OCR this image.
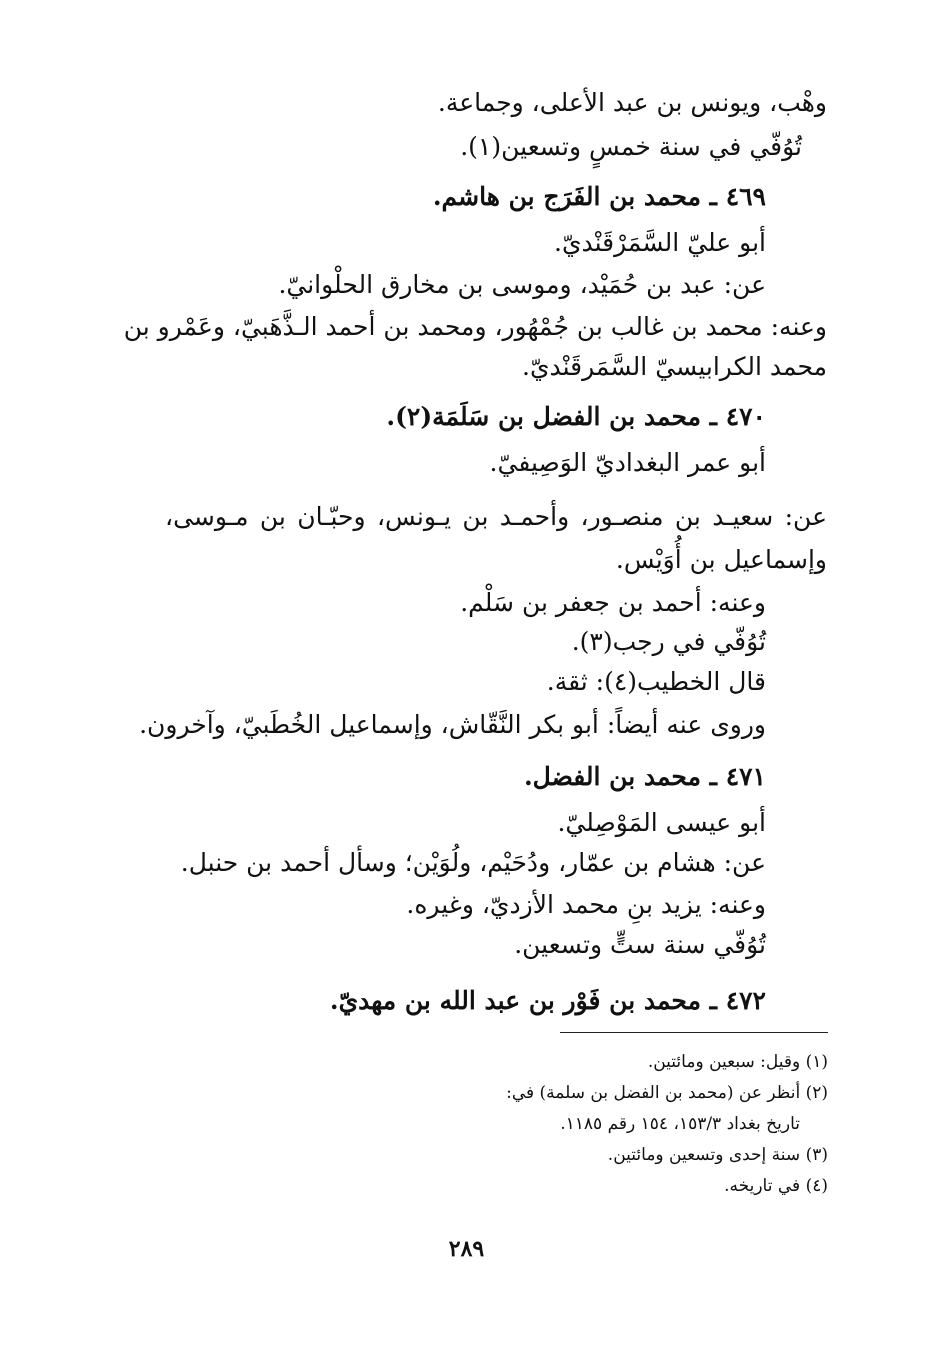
وهْب، ويونس بن عبد الأعلى، وجماعة.
تُوُفّي في سنة خمسٍ وتسعين(١).
٤٦٩ ـ محمد بن الفَرَج بن هاشم.
أبو عليّ السَّمَرْقَنْديّ.
عن: عبد بن حُمَيْد، وموسى بن مخارق الحلْوانيّ.
وعنه: محمد بن غالب بن جُمْهُور، ومحمد بن أحمد الـذَّهَبيّ، وعَمْرو بن
محمد الكرابيسيّ السَّمَرقَنْديّ.
٤٧٠ ـ محمد بن الفضل بن سَلَمَة(٢).
أبو عمر البغداديّ الوَصِيفيّ.
عن: سعيـد بن منصـور، وأحمـد بن يـونس، وحبّـان بن مـوسى،
وإسماعيل بن أُوَيْس.
وعنه: أحمد بن جعفر بن سَلْم.
تُوُفّي في رجب(٣).
قال الخطيب(٤): ثقة.
وروى عنه أيضاً: أبو بكر النَّقّاش، وإسماعيل الخُطَبيّ، وآخرون.
٤٧١ ـ محمد بن الفضل.
أبو عيسى المَوْصِليّ.
عن: هشام بن عمّار، ودُحَيْم، ولُوَيْن؛ وسأل أحمد بن حنبل.
وعنه: يزيد بنِ محمد الأزديّ، وغيره.
تُوُفّي سنة ستٍّ وتسعين.
٤٧٢ ـ محمد بن فَوْر بن عبد الله بن مهديّ.
(١) وقيل: سبعين ومائتين.
(٢) أنظر عن (محمد بن الفضل بن سلمة) في:
تاريخ بغداد ١٥٣/٣، ١٥٤ رقم ١١٨٥.
(٣) سنة إحدى وتسعين ومائتين.
(٤) في تاريخه.
٢٨٩
